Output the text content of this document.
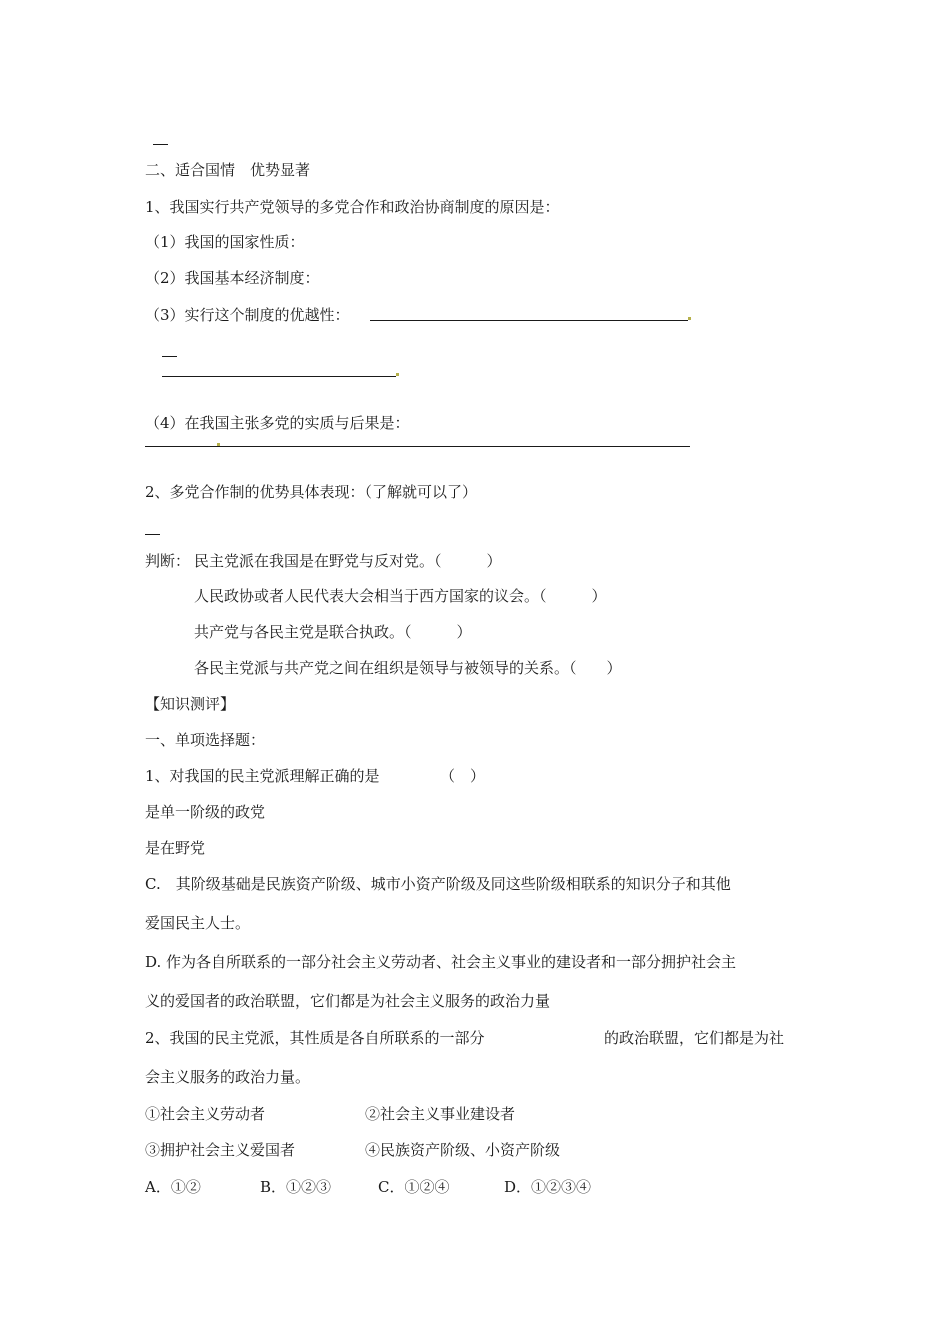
二、适合国情　优势显著
1、我国实行共产党领导的多党合作和政治协商制度的原因是：
（1）我国的国家性质：
（2）我国基本经济制度：
（3）实行这个制度的优越性：
（4）在我国主张多党的实质与后果是：
2、多党合作制的优势具体表现：（了解就可以了）
判断： 民主党派在我国是在野党与反对党。（　　　）
人民政协或者人民代表大会相当于西方国家的议会。（　　　）
共产党与各民主党是联合执政。（　　　）
各民主党派与共产党之间在组织是领导与被领导的关系。（　　）
【知识测评】
一、单项选择题：
1、对我国的民主党派理解正确的是	（　）
是单一阶级的政党
是在野党
C.　其阶级基础是民族资产阶级、城市小资产阶级及同这些阶级相联系的知识分子和其他
爱国民主人士。
D. 作为各自所联系的一部分社会主义劳动者、社会主义事业的建设者和一部分拥护社会主
义的爱国者的政治联盟，它们都是为社会主义服务的政治力量
2、我国的民主党派，其性质是各自所联系的一部分	的政治联盟，它们都是为社
会主义服务的政治力量。
①社会主义劳动者	②社会主义事业建设者
③拥护社会主义爱国者	④民族资产阶级、小资产阶级
A．①②	B．①②③	C．①②④	D．①②③④
